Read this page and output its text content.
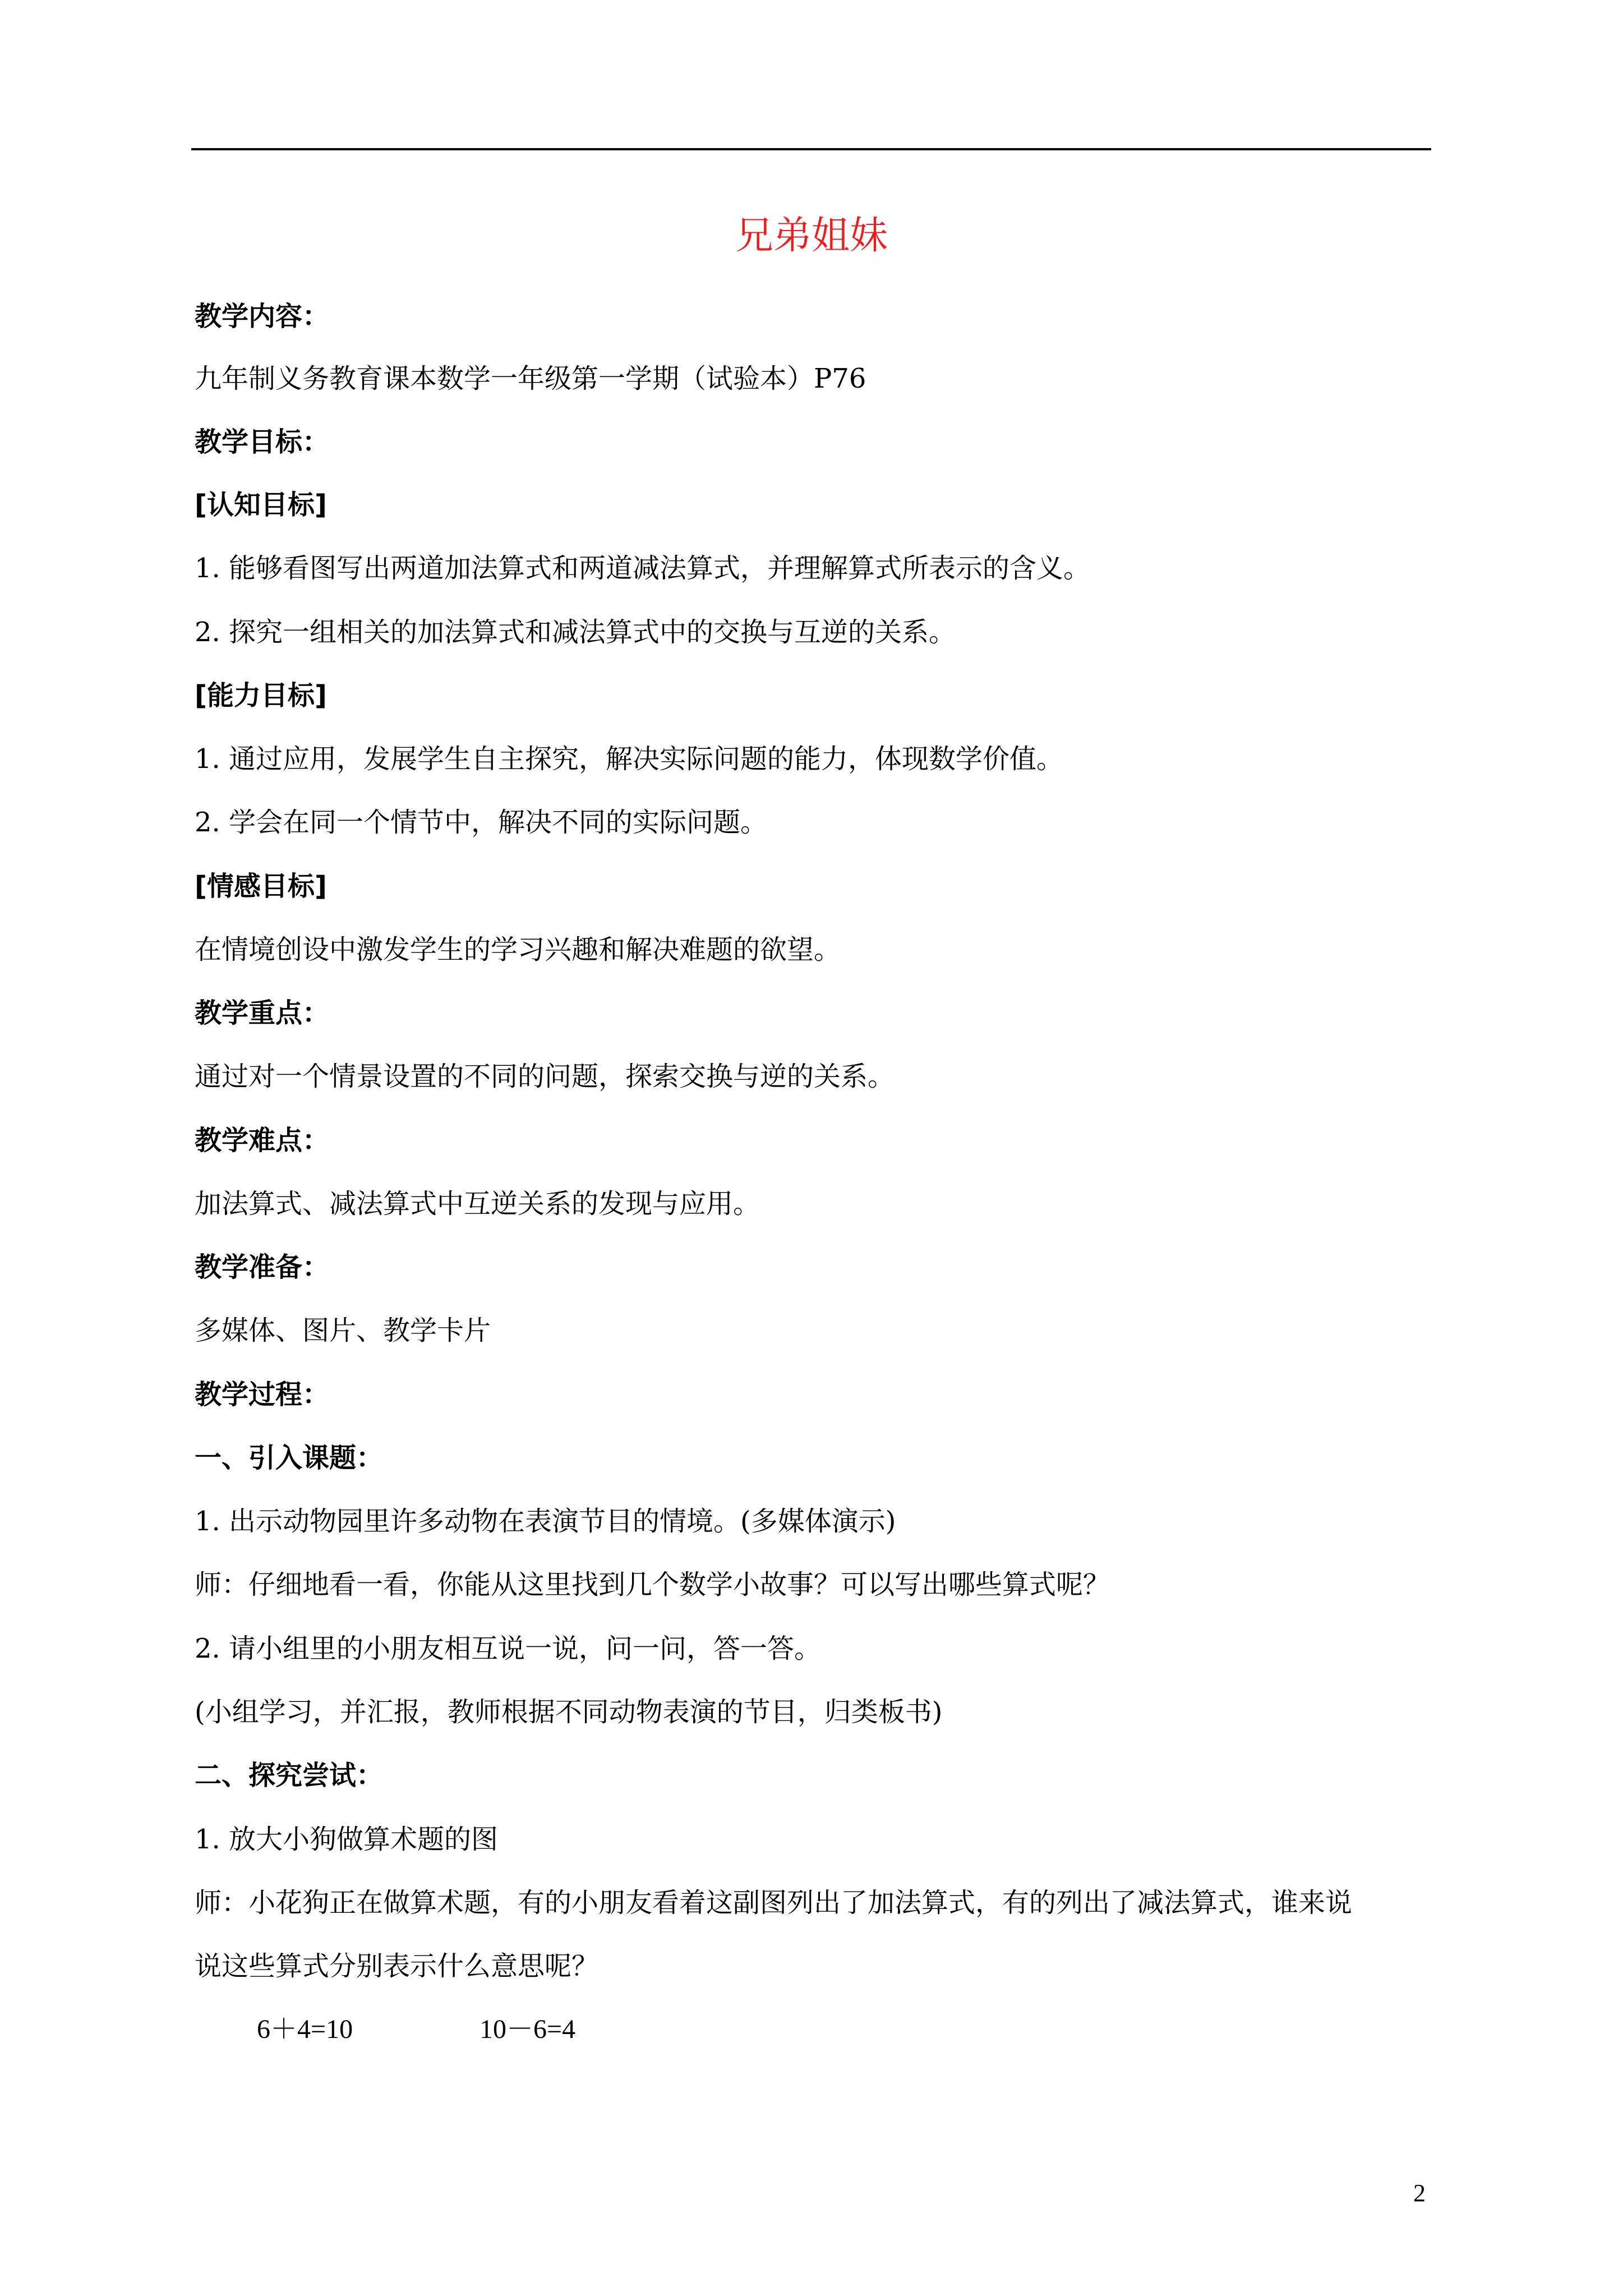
兄弟姐妹
教学内容：
九年制义务教育课本数学一年级第一学期（试验本）P76
教学目标：
[认知目标]
1. 能够看图写出两道加法算式和两道减法算式，并理解算式所表示的含义。
2. 探究一组相关的加法算式和减法算式中的交换与互逆的关系。
[能力目标]
1. 通过应用，发展学生自主探究，解决实际问题的能力，体现数学价值。
2. 学会在同一个情节中，解决不同的实际问题。
[情感目标]
在情境创设中激发学生的学习兴趣和解决难题的欲望。
教学重点：
通过对一个情景设置的不同的问题，探索交换与逆的关系。
教学难点：
加法算式、减法算式中互逆关系的发现与应用。
教学准备：
多媒体、图片、教学卡片
教学过程：
一、引入课题：
1. 出示动物园里许多动物在表演节目的情境。(多媒体演示)
师：仔细地看一看，你能从这里找到几个数学小故事？可以写出哪些算式呢？
2. 请小组里的小朋友相互说一说，问一问，答一答。
(小组学习，并汇报，教师根据不同动物表演的节目，归类板书)
二、探究尝试：
1. 放大小狗做算术题的图
师：小花狗正在做算术题，有的小朋友看着这副图列出了加法算式，有的列出了减法算式，谁来说
说这些算式分别表示什么意思呢？
6＋4=10	10－6=4
2
